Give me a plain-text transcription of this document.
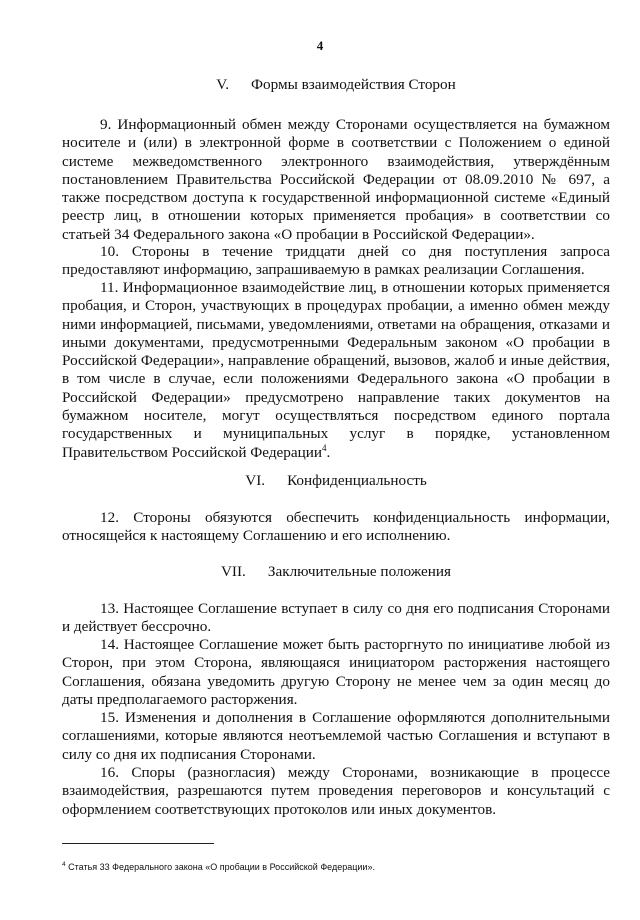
4
V. Формы взаимодействия Сторон

9. Информационный обмен между Сторонами осуществляется на бумажном носителе и (или) в электронной форме в соответствии с Положением о единой системе межведомственного электронного взаимодействия, утверждённым постановлением Правительства Российской Федерации от 08.09.2010 № 697, а также посредством доступа к государственной информационной системе «Единый реестр лиц, в отношении которых применяется пробация» в соответствии со статьей 34 Федерального закона «О пробации в Российской Федерации».

10. Стороны в течение тридцати дней со дня поступления запроса предоставляют информацию, запрашиваемую в рамках реализации Соглашения.

11. Информационное взаимодействие лиц, в отношении которых применяется пробация, и Сторон, участвующих в процедурах пробации, а именно обмен между ними информацией, письмами, уведомлениями, ответами на обращения, отказами и иными документами, предусмотренными Федеральным законом «О пробации в Российской Федерации», направление обращений, вызовов, жалоб и иные действия, в том числе в случае, если положениями Федерального закона «О пробации в Российской Федерации» предусмотрено направление таких документов на бумажном носителе, могут осуществляться посредством единого портала государственных и муниципальных услуг в порядке, установленном Правительством Российской Федерации$^4$.

VI. Конфиденциальность

12. Стороны обязуются обеспечить конфиденциальность информации, относящейся к настоящему Соглашению и его исполнению.

VII. Заключительные положения

13. Настоящее Соглашение вступает в силу со дня его подписания Сторонами и действует бессрочно.

14. Настоящее Соглашение может быть расторгнуто по инициативе любой из Сторон, при этом Сторона, являющаяся инициатором расторжения настоящего Соглашения, обязана уведомить другую Сторону не менее чем за один месяц до даты предполагаемого расторжения.

15. Изменения и дополнения в Соглашение оформляются дополнительными соглашениями, которые являются неотъемлемой частью Соглашения и вступают в силу со дня их подписания Сторонами.

16. Споры (разногласия) между Сторонами, возникающие в процессе взаимодействия, разрешаются путем проведения переговоров и консультаций с оформлением соответствующих протоколов или иных документов.

$^4$ Статья 33 Федерального закона «О пробации в Российской Федерации».
